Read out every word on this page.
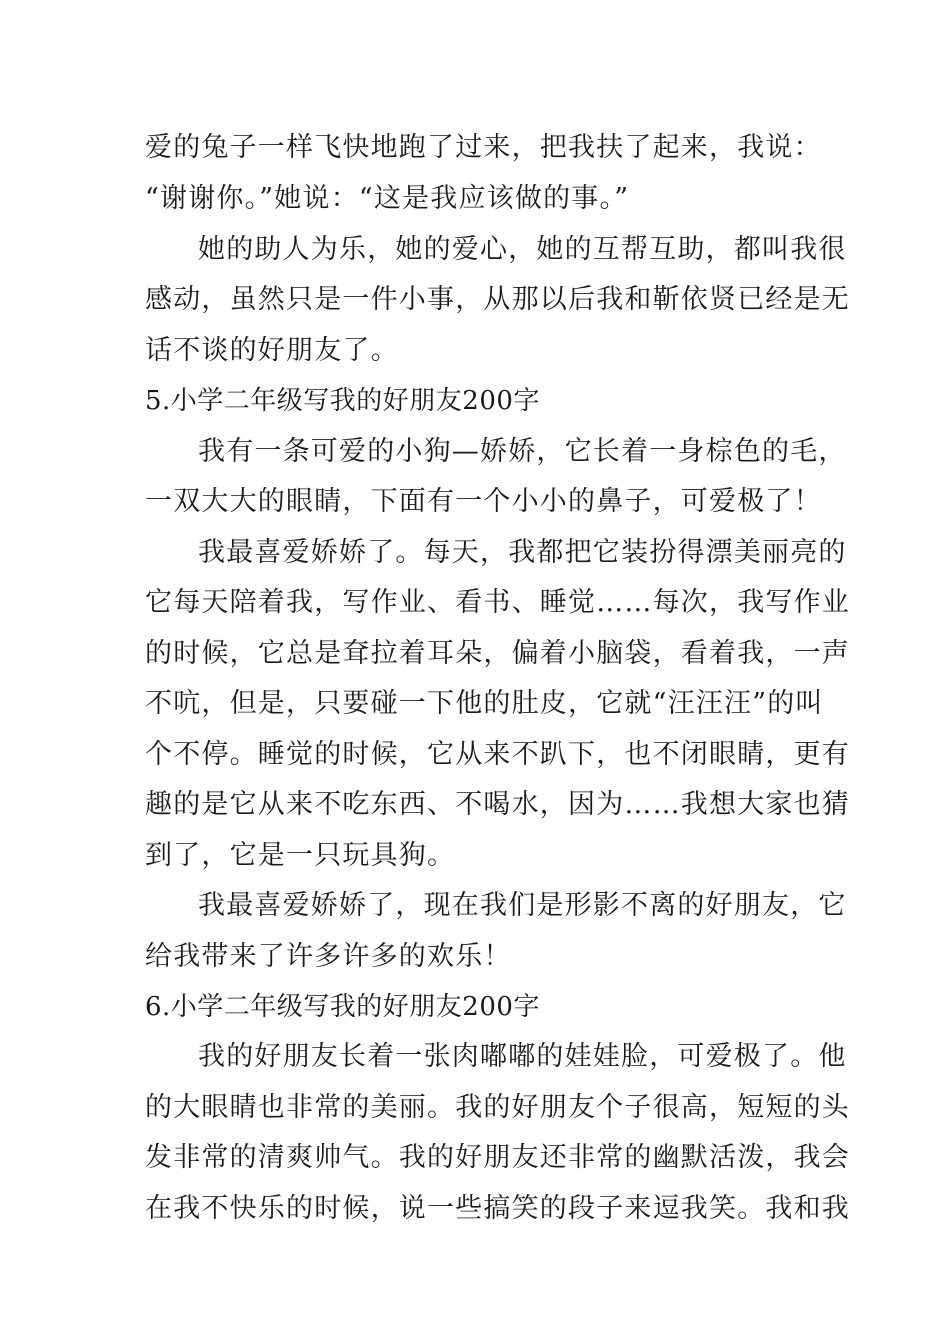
爱的兔子一样飞快地跑了过来，把我扶了起来，我说：
“谢谢你。”她说：“这是我应该做的事。”
她的助人为乐，她的爱心，她的互帮互助，都叫我很
感动，虽然只是一件小事，从那以后我和靳依贤已经是无
话不谈的好朋友了。
5.小学二年级写我的好朋友200字
我有一条可爱的小狗—娇娇，它长着一身棕色的毛，
一双大大的眼睛，下面有一个小小的鼻子，可爱极了！
我最喜爱娇娇了。每天，我都把它装扮得漂美丽亮的
它每天陪着我，写作业、看书、睡觉……每次，我写作业
的时候，它总是耷拉着耳朵，偏着小脑袋，看着我，一声
不吭，但是，只要碰一下他的肚皮，它就“汪汪汪”的叫
个不停。睡觉的时候，它从来不趴下，也不闭眼睛，更有
趣的是它从来不吃东西、不喝水，因为……我想大家也猜
到了，它是一只玩具狗。
我最喜爱娇娇了，现在我们是形影不离的好朋友，它
给我带来了许多许多的欢乐！
6.小学二年级写我的好朋友200字
我的好朋友长着一张肉嘟嘟的娃娃脸，可爱极了。他
的大眼睛也非常的美丽。我的好朋友个子很高，短短的头
发非常的清爽帅气。我的好朋友还非常的幽默活泼，我会
在我不快乐的时候，说一些搞笑的段子来逗我笑。我和我
